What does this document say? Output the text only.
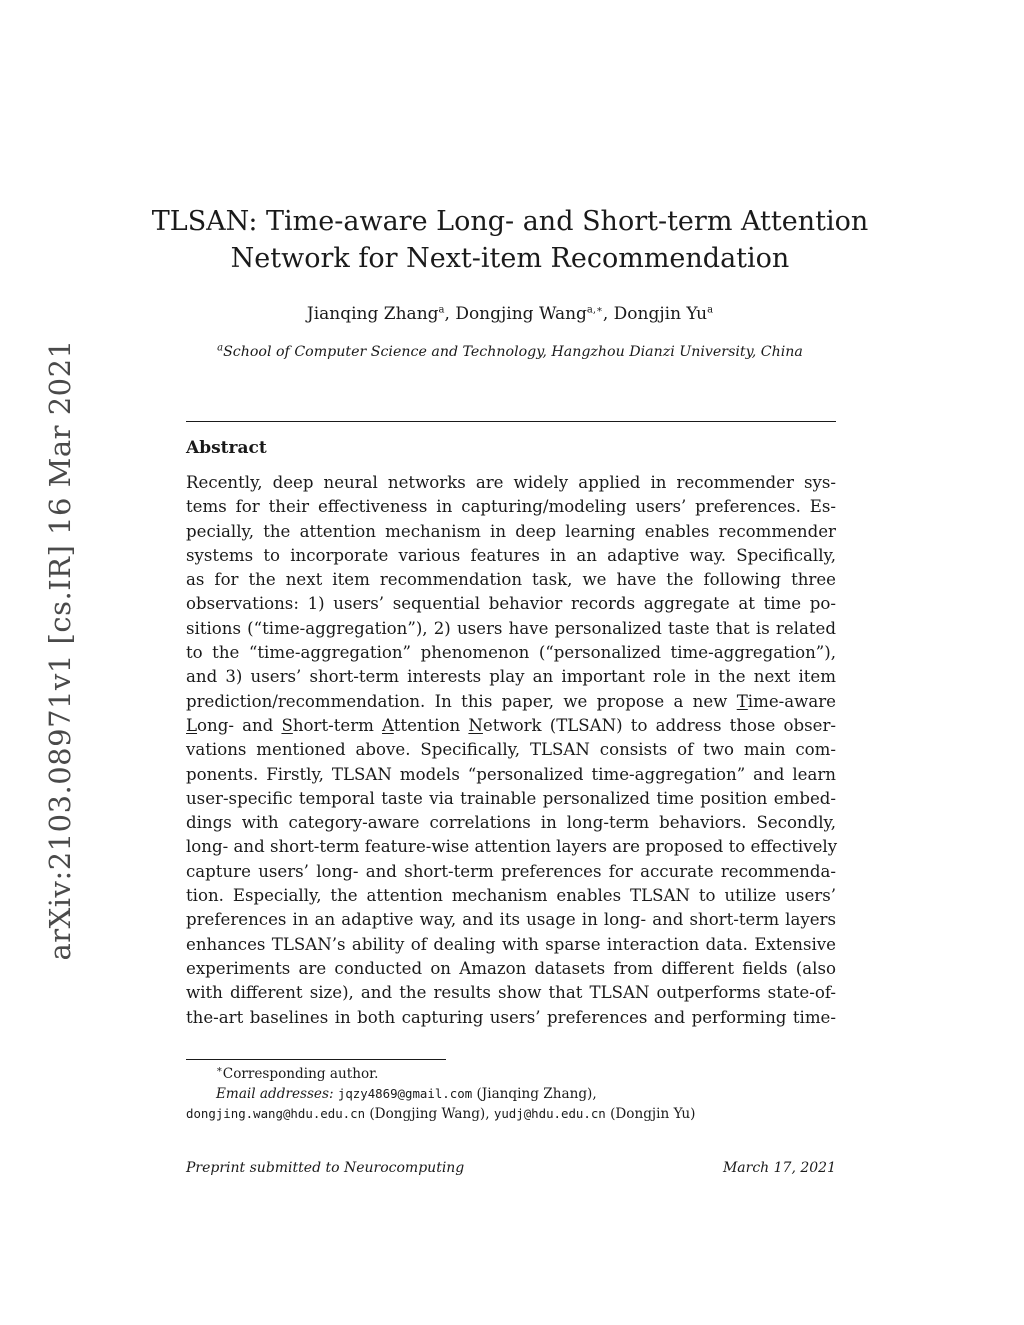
arXiv:2103.08971v1 [cs.IR] 16 Mar 2021
TLSAN: Time-aware Long- and Short-term Attention
Network for Next-item Recommendation
Jianqing Zhang$^a$, Dongjing Wang$^{a,∗}$, Dongjin Yu$^a$
$^a$School of Computer Science and Technology, Hangzhou Dianzi University, China
Abstract
Recently, deep neural networks are widely applied in recommender sys-
tems for their effectiveness in capturing/modeling users’ preferences. Es-
pecially, the attention mechanism in deep learning enables recommender
systems to incorporate various features in an adaptive way. Specifically,
as for the next item recommendation task, we have the following three
observations: 1) users’ sequential behavior records aggregate at time po-
sitions (“time-aggregation”), 2) users have personalized taste that is related
to the “time-aggregation” phenomenon (“personalized time-aggregation”),
and 3) users’ short-term interests play an important role in the next item
prediction/recommendation. In this paper, we propose a new Time-aware
Long- and Short-term Attention Network (TLSAN) to address those obser-
vations mentioned above. Specifically, TLSAN consists of two main com-
ponents. Firstly, TLSAN models “personalized time-aggregation” and learn
user-specific temporal taste via trainable personalized time position embed-
dings with category-aware correlations in long-term behaviors. Secondly,
long- and short-term feature-wise attention layers are proposed to effectively
capture users’ long- and short-term preferences for accurate recommenda-
tion. Especially, the attention mechanism enables TLSAN to utilize users’
preferences in an adaptive way, and its usage in long- and short-term layers
enhances TLSAN’s ability of dealing with sparse interaction data. Extensive
experiments are conducted on Amazon datasets from different fields (also
with different size), and the results show that TLSAN outperforms state-of-
the-art baselines in both capturing users’ preferences and performing time-
∗Corresponding author.
Email addresses: jqzy4869@gmail.com (Jianqing Zhang),
dongjing.wang@hdu.edu.cn (Dongjing Wang), yudj@hdu.edu.cn (Dongjin Yu)
Preprint submitted to Neurocomputing	March 17, 2021
